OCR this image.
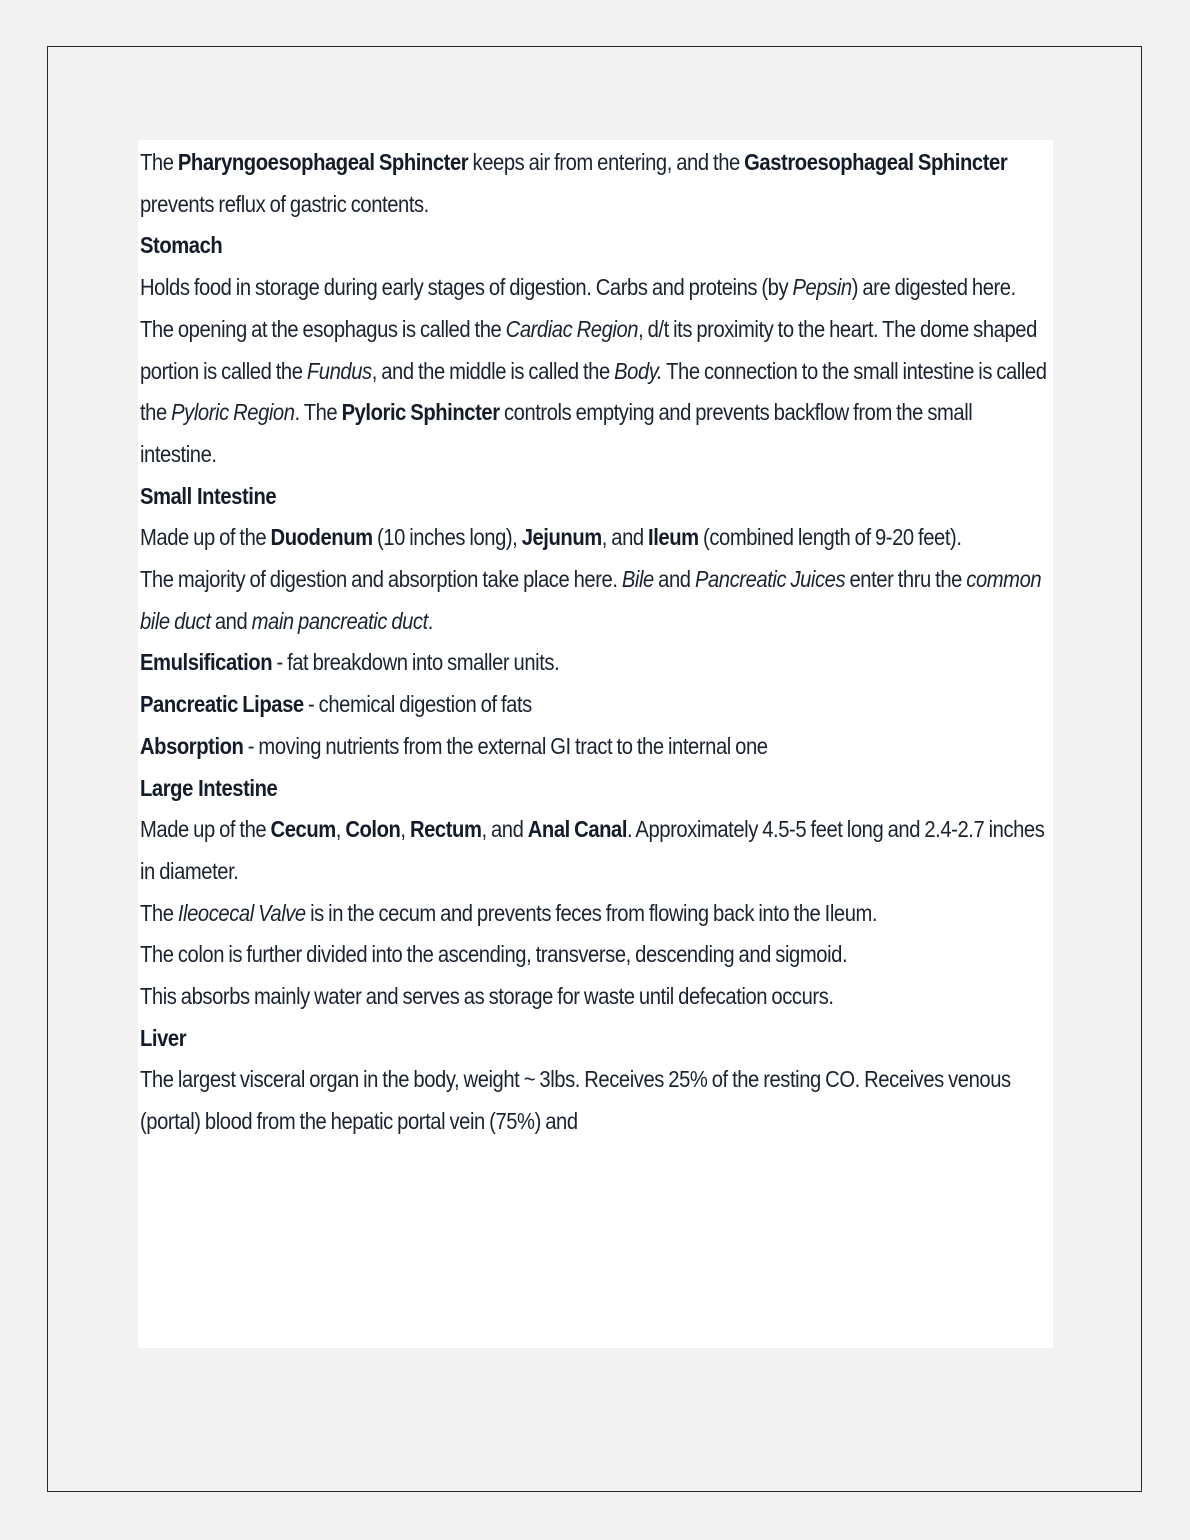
The Pharyngoesophageal Sphincter keeps air from entering, and the Gastroesophageal Sphincter prevents reflux of gastric contents.

Stomach

Holds food in storage during early stages of digestion. Carbs and proteins (by Pepsin) are digested here. The opening at the esophagus is called the Cardiac Region, d/t its proximity to the heart. The dome shaped portion is called the Fundus, and the middle is called the Body. The connection to the small intestine is called the Pyloric Region. The Pyloric Sphincter controls emptying and prevents backflow from the small intestine.

Small Intestine

Made up of the Duodenum (10 inches long), Jejunum, and Ileum (combined length of 9-20 feet).

The majority of digestion and absorption take place here. Bile and Pancreatic Juices enter thru the common bile duct and main pancreatic duct.

Emulsification - fat breakdown into smaller units.

Pancreatic Lipase - chemical digestion of fats

Absorption - moving nutrients from the external GI tract to the internal one

Large Intestine

Made up of the Cecum, Colon, Rectum, and Anal Canal. Approximately 4.5-5 feet long and 2.4-2.7 inches in diameter.

The Ileocecal Valve is in the cecum and prevents feces from flowing back into the Ileum.

The colon is further divided into the ascending, transverse, descending and sigmoid.

This absorbs mainly water and serves as storage for waste until defecation occurs.

Liver

The largest visceral organ in the body, weight ~ 3lbs. Receives 25% of the resting CO. Receives venous (portal) blood from the hepatic portal vein (75%) and
